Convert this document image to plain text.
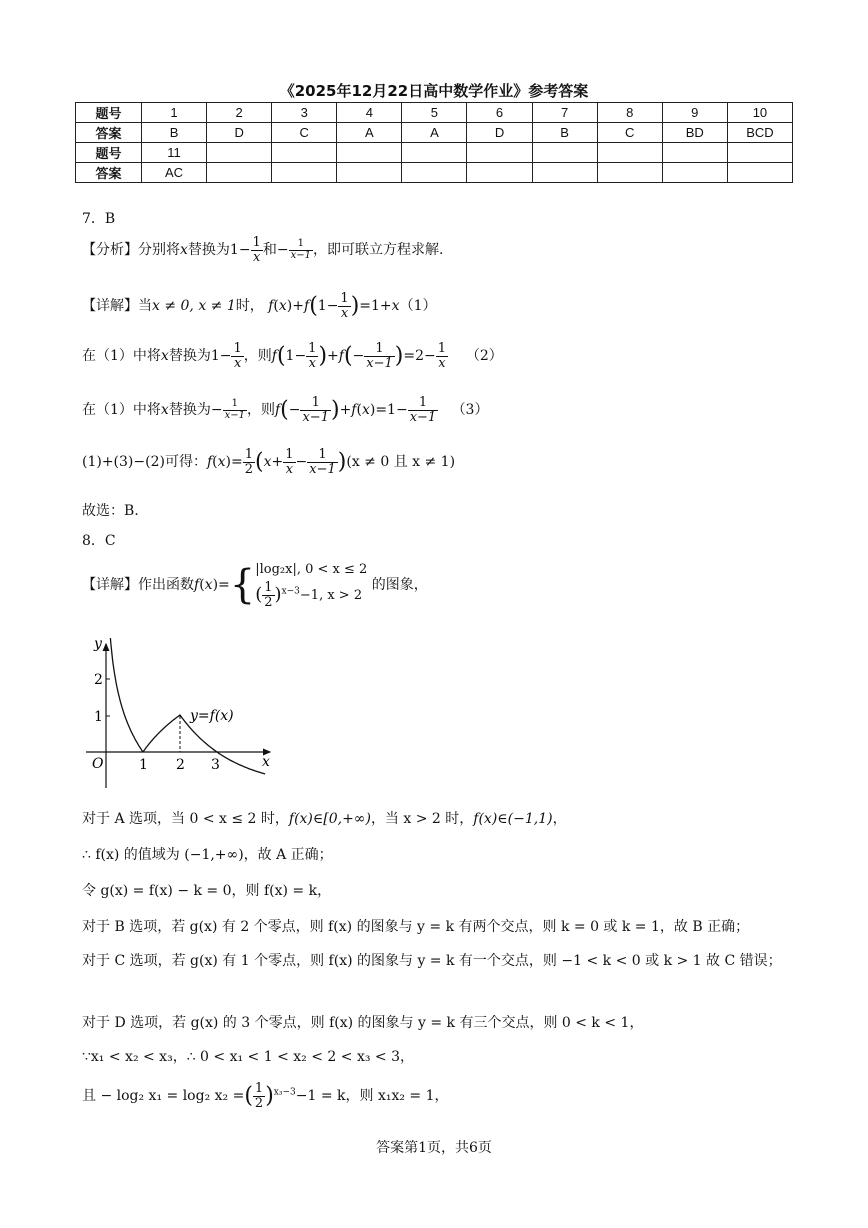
《2025年12月22日高中数学作业》参考答案
题号	1	2	3	4	5	6	7	8	9	10
答案	B	D	C	A	A	D	B	C	BD	BCD
题号	11									
答案	AC									
7．B
【分析】分别将x替换为$1- \frac{1}{x}$ 和− $\frac{1}{x-1}$ ，即可联立方程求解.
【详解】当x ≠ 0, x ≠ 1时， $f(x)+f(1- \frac{1}{x} )=1+x(1)$
在（1）中将x替换为$1- \frac{1}{x}$ ，则$f(1- \frac{1}{x} )+f(- \frac{1}{x-1} )=2- \frac{1}{x} (2)$
在（1）中将x替换为− $\frac{1}{x-1}$ ，则$f(- \frac{1}{x-1} )+f(x)=1- \frac{1}{x-1} (3)$
(1)+(3)−(2)可得：$f(x)= \frac{1}{2} (x+ \frac{1}{x} - \frac{1}{x-1} )(x \ne 0$ 且 x ≠ 1)
故选：B.
8．C
【详解】作出函数f(x)={|log₂x|, 0 < x ≤ 2
( $\frac{1}{2} )^{x-3}-1$, x > 2 的图象，
y
x
O	1 2 3
1
2
y=f(x)
对于 A 选项，当 0 < x ≤ 2 时，f(x)∈[0,+∞)，当 x > 2 时，f(x)∈(−1,1)，
∴ f(x) 的值域为 (−1,+∞)，故 A 正确；
令 g(x) = f(x) − k = 0，则 f(x) = k，
对于 B 选项，若 g(x) 有 2 个零点，则 f(x) 的图象与 y = k 有两个交点，则 k = 0 或 k = 1，故 B 正确；
对于 C 选项，若 g(x) 有 1 个零点，则 f(x) 的图象与 y = k 有一个交点，则 −1 < k < 0 或 k > 1 故 C 错误；
对于 D 选项，若 g(x) 的 3 个零点，则 f(x) 的图象与 y = k 有三个交点，则 0 < k < 1，
∵x₁ < x₂ < x₃，∴ 0 < x₁ < 1 < x₂ < 2 < x₃ < 3，
且 − log₂ x₁ = log₂ x₂ =( $\frac{1}{2} )^{x_3-3}-1 = k$，则 x₁x₂ = 1，
答案第1页，共6页
